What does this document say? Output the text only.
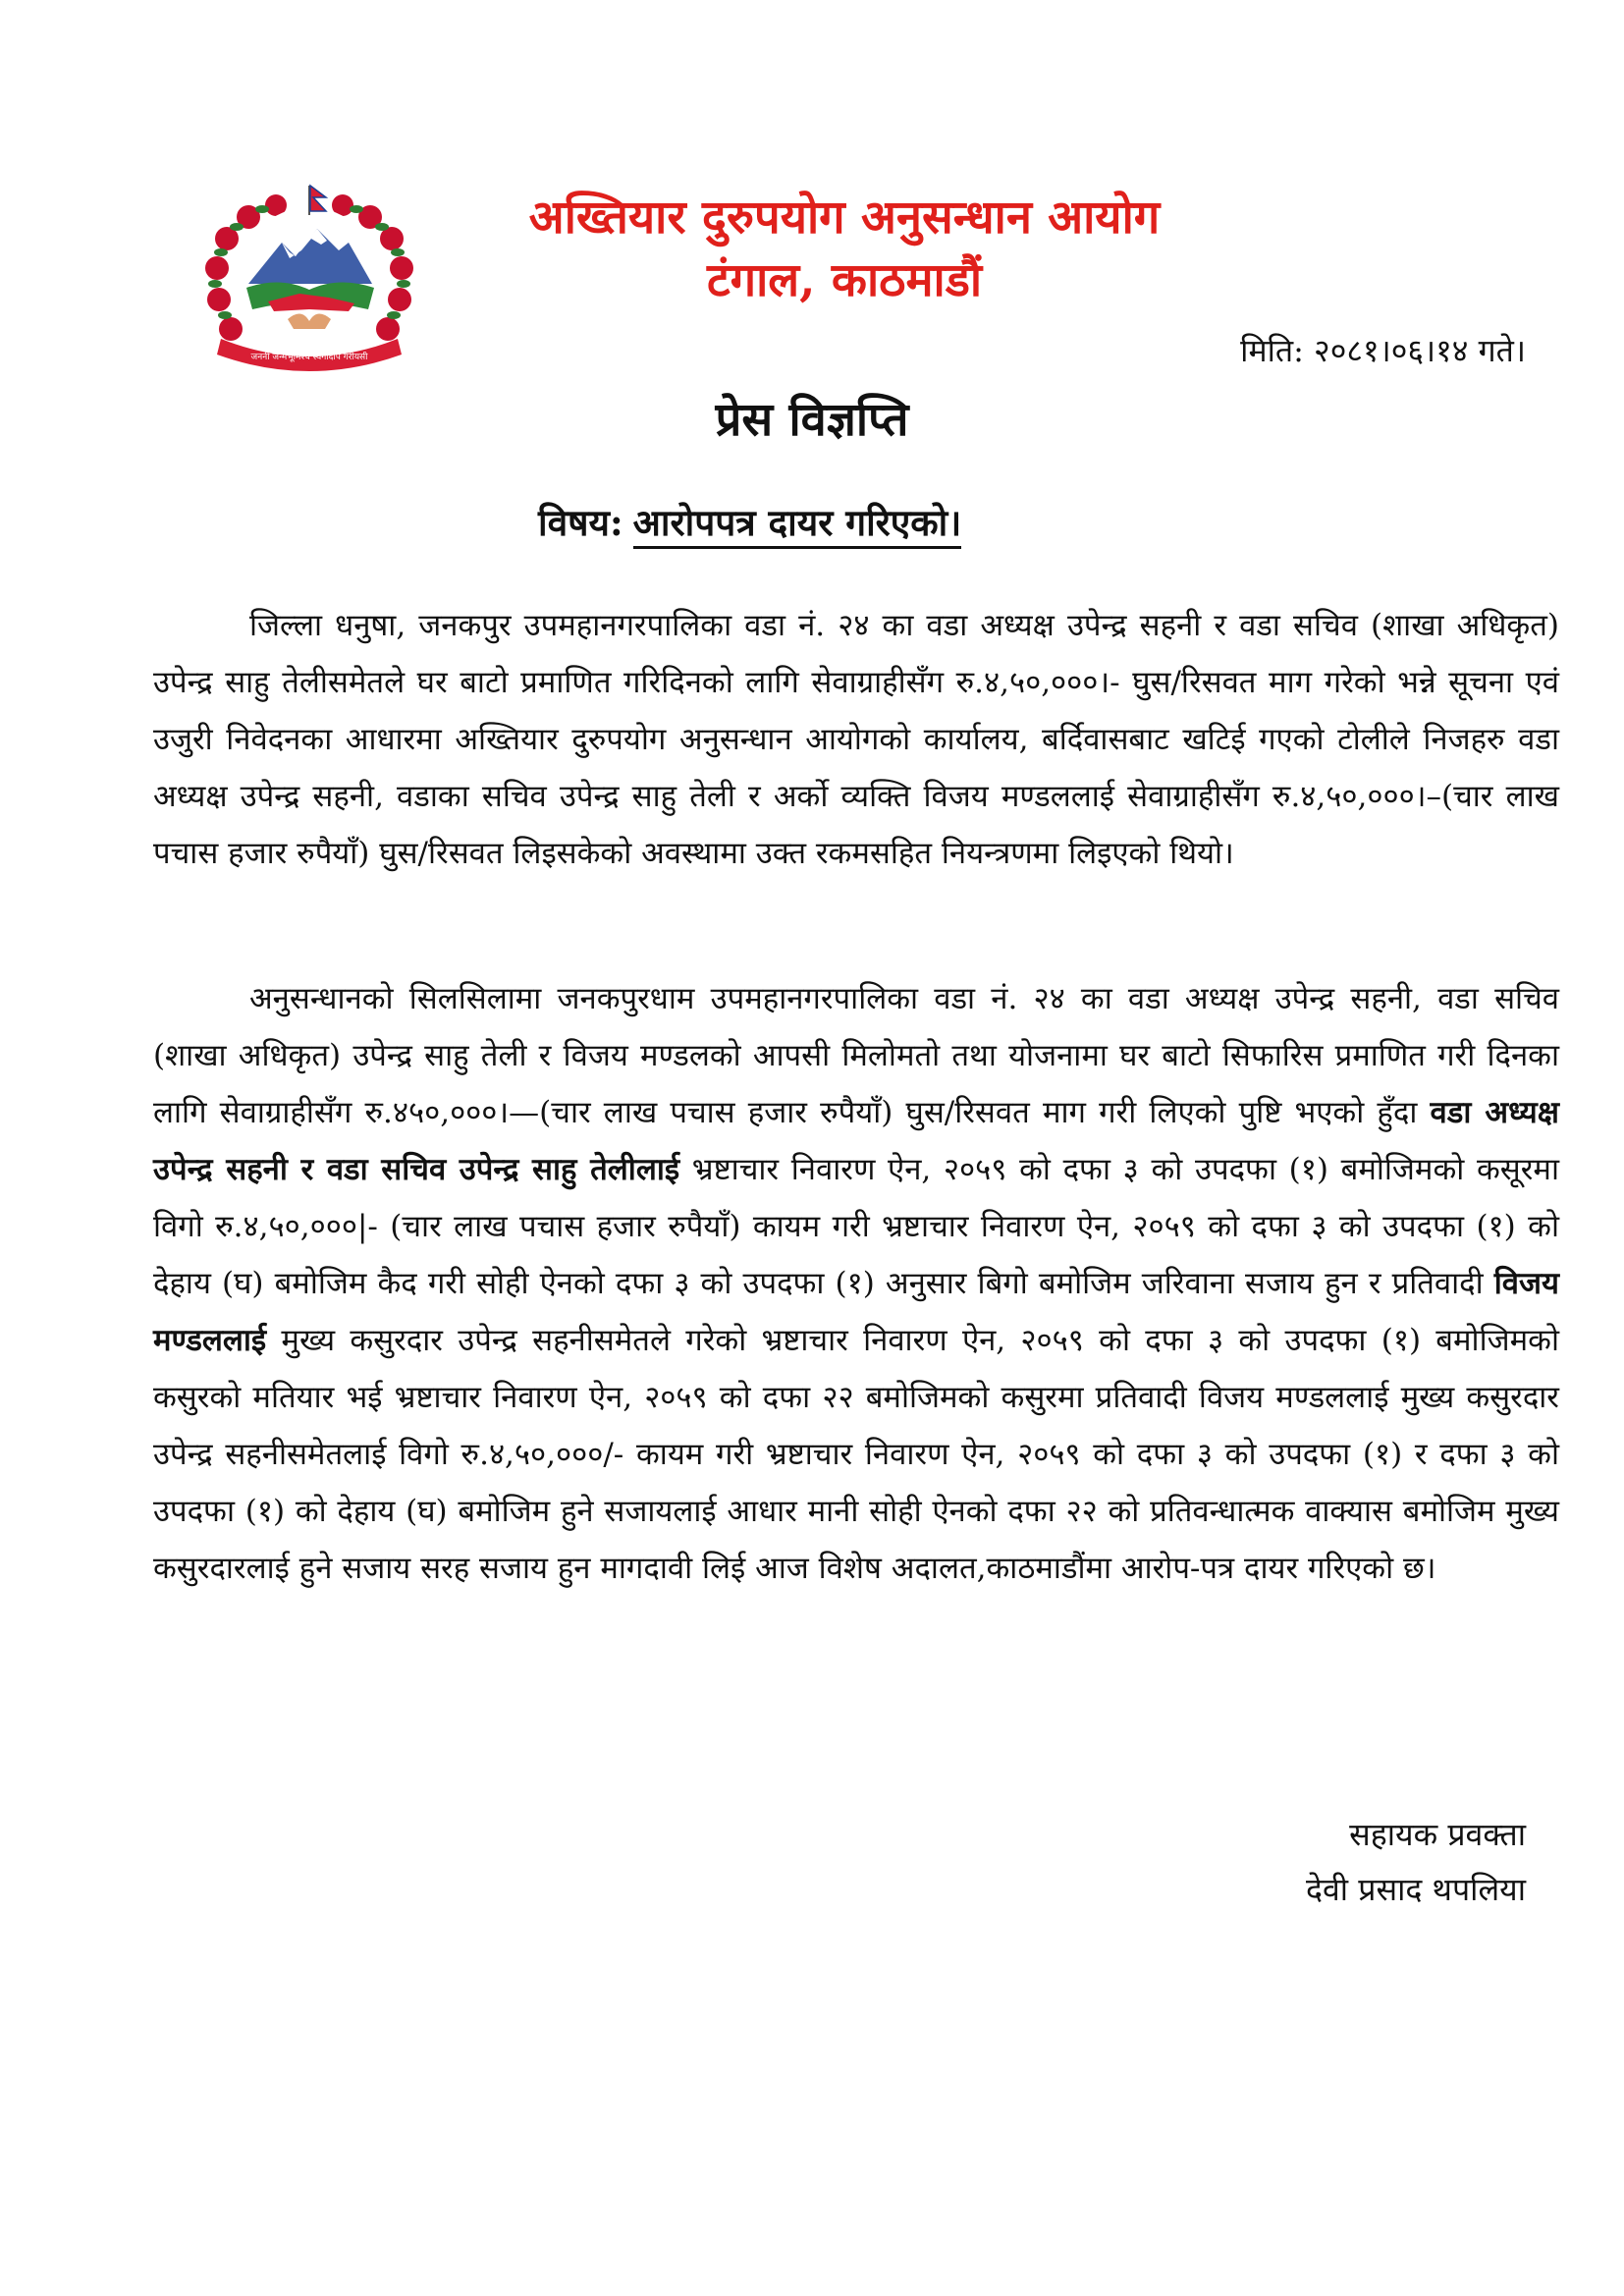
जननी जन्मभूमिश्च स्वर्गादपि गरीयसी
अख्तियार दुरुपयोग अनुसन्धान आयोग
टंगाल, काठमाडौं
मिति: २०८१।०६।१४ गते।
प्रेस विज्ञप्ति
विषय: आरोपपत्र दायर गरिएको।

जिल्ला धनुषा, जनकपुर उपमहानगरपालिका वडा नं. २४ का वडा अध्यक्ष उपेन्द्र सहनी र वडा सचिव (शाखा अधिकृत) उपेन्द्र साहु तेलीसमेतले घर बाटो प्रमाणित गरिदिनको लागि सेवाग्राहीसँग रु.४,५०,०००।- घुस/रिसवत माग गरेको भन्ने सूचना एवं उजुरी निवेदनका आधारमा अख्तियार दुरुपयोग अनुसन्धान आयोगको कार्यालय, बर्दिवासबाट खटिई गएको टोलीले निजहरु वडा अध्यक्ष उपेन्द्र सहनी, वडाका सचिव उपेन्द्र साहु तेली र अर्को व्यक्ति विजय मण्डललाई सेवाग्राहीसँग रु.४,५०,०००।–(चार लाख पचास हजार रुपैयाँ) घुस/रिसवत लिइसकेको अवस्थामा उक्त रकमसहित नियन्त्रणमा लिइएको थियो।

अनुसन्धानको सिलसिलामा जनकपुरधाम उपमहानगरपालिका वडा नं. २४ का वडा अध्यक्ष उपेन्द्र सहनी, वडा सचिव (शाखा अधिकृत) उपेन्द्र साहु तेली र विजय मण्डलको आपसी मिलोमतो तथा योजनामा घर बाटो सिफारिस प्रमाणित गरी दिनका लागि सेवाग्राहीसँग रु.४५०,०००।—(चार लाख पचास हजार रुपैयाँ) घुस/रिसवत माग गरी लिएको पुष्टि भएको हुँदा वडा अध्यक्ष उपेन्द्र सहनी र वडा सचिव उपेन्द्र साहु तेलीलाई भ्रष्टाचार निवारण ऐन, २०५९ को दफा ३ को उपदफा (१) बमोजिमको कसूरमा विगो रु.४,५०,०००|- (चार लाख पचास हजार रुपैयाँ) कायम गरी भ्रष्टाचार निवारण ऐन, २०५९ को दफा ३ को उपदफा (१) को देहाय (घ) बमोजिम कैद गरी सोही ऐनको दफा ३ को उपदफा (१) अनुसार बिगो बमोजिम जरिवाना सजाय हुन र प्रतिवादी विजय मण्डललाई मुख्य कसुरदार उपेन्द्र सहनीसमेतले गरेको भ्रष्टाचार निवारण ऐन, २०५९ को दफा ३ को उपदफा (१) बमोजिमको कसुरको मतियार भई भ्रष्टाचार निवारण ऐन, २०५९ को दफा २२ बमोजिमको कसुरमा प्रतिवादी विजय मण्डललाई मुख्य कसुरदार उपेन्द्र सहनीसमेतलाई विगो रु.४,५०,०००/- कायम गरी भ्रष्टाचार निवारण ऐन, २०५९ को दफा ३ को उपदफा (१) र दफा ३ को उपदफा (१) को देहाय (घ) बमोजिम हुने सजायलाई आधार मानी सोही ऐनको दफा २२ को प्रतिवन्धात्मक वाक्यास बमोजिम मुख्य कसुरदारलाई हुने सजाय सरह सजाय हुन मागदावी लिई आज विशेष अदालत,काठमाडौंमा आरोप-पत्र दायर गरिएको छ।

सहायक प्रवक्ता
देवी प्रसाद थपलिया
